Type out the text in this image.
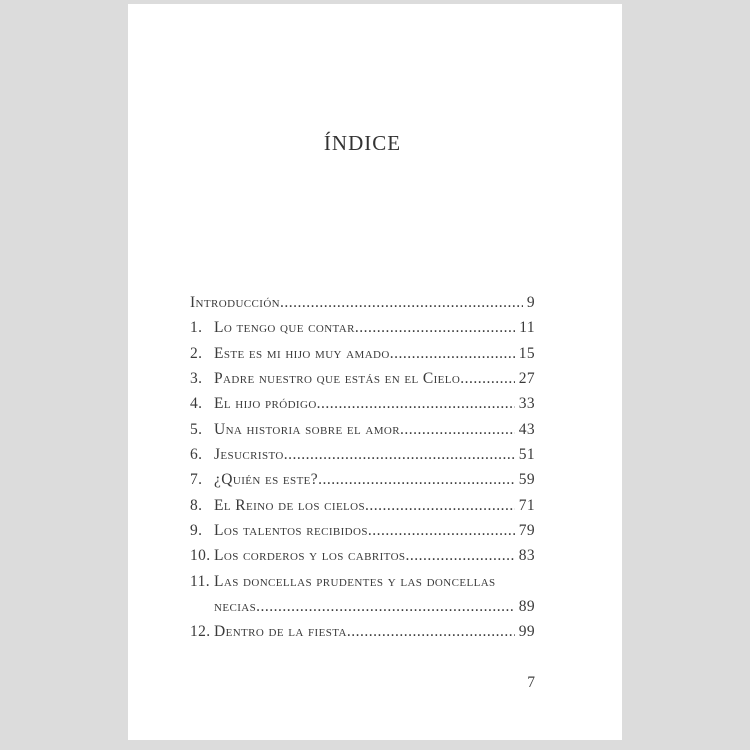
ÍNDICE
Introducción .....	9
1. Lo tengo que contar .....	11
2. Este es mi hijo muy amado .....	15
3. Padre nuestro que estás en el Cielo .....	27
4. El hijo pródigo .....	33
5. Una historia sobre el amor .....	43
6. Jesucristo .....	51
7. ¿Quién es este? .....	59
8. El Reino de los cielos .....	71
9. Los talentos recibidos .....	79
10. Los corderos y los cabritos .....	83
11. Las doncellas prudentes y las doncellas
necias .....	89
12. Dentro de la fiesta .....	99
7
